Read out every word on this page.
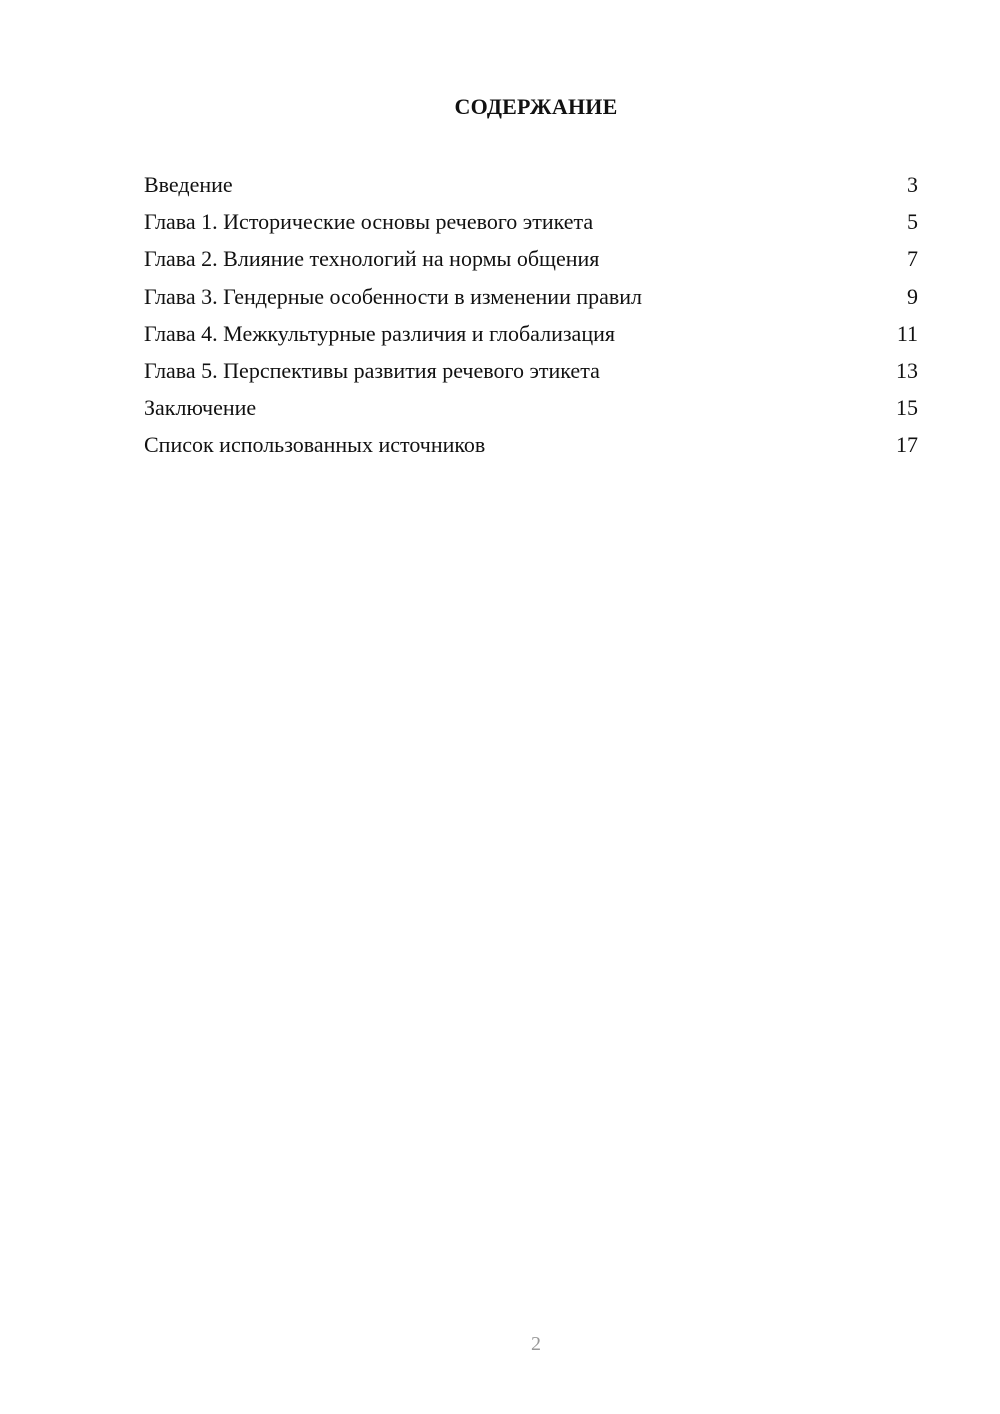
СОДЕРЖАНИЕ
Введение	3
Глава 1. Исторические основы речевого этикета	5
Глава 2. Влияние технологий на нормы общения	7
Глава 3. Гендерные особенности в изменении правил	9
Глава 4. Межкультурные различия и глобализация	11
Глава 5. Перспективы развития речевого этикета	13
Заключение	15
Список использованных источников	17
2
